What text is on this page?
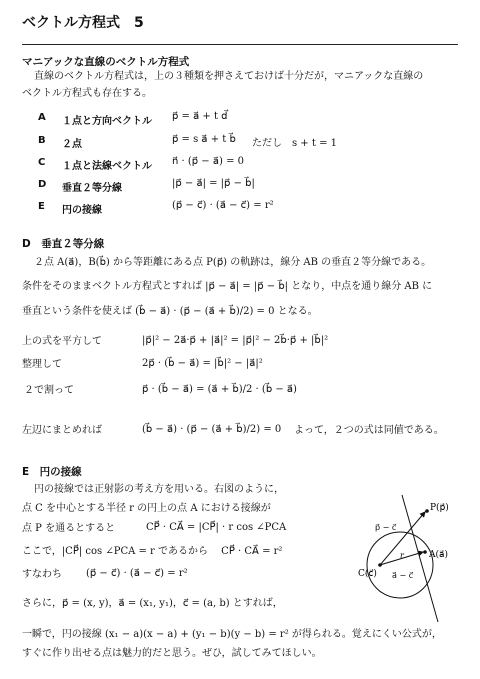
ベクトル方程式　5
マニアックな直線のベクトル方程式
直線のベクトル方程式は，上の３種類を押さえておけば十分だが，マニアックな直線の
ベクトル方程式も存在する。
A １点と方向ベクトル p⃗ = a⃗ + t d⃗
B ２点	p⃗ = s a⃗ + t b⃗ ただし　s + t = 1
C １点と法線ベクトル n⃗ · (p⃗ − a⃗) = 0
D 垂直２等分線	|p⃗ − a⃗| = |p⃗ − b⃗|
E 円の接線	(p⃗ − c⃗) · (a⃗ − c⃗) = r²
D　垂直２等分線
２点 A(a⃗)，B(b⃗) から等距離にある点 P(p⃗) の軌跡は，線分 AB の垂直２等分線である。
条件をそのままベクトル方程式とすれば |p⃗ − a⃗| = |p⃗ − b⃗| となり，中点を通り線分 AB に
垂直という条件を使えば (b⃗ − a⃗) · (p⃗ − (a⃗ + b⃗)/2) = 0 となる。
上の式を平方して	|p⃗|² − 2a⃗·p⃗ + |a⃗|² = |p⃗|² − 2b⃗·p⃗ + |b⃗|²
整理して	2p⃗ · (b⃗ − a⃗) = |b⃗|² − |a⃗|²
２で割って	p⃗ · (b⃗ − a⃗) = (a⃗ + b⃗)/2 · (b⃗ − a⃗)
左辺にまとめれば	(b⃗ − a⃗) · (p⃗ − (a⃗ + b⃗)/2) = 0 よって，２つの式は同値である。
E　円の接線
円の接線では正射影の考え方を用いる。右図のように，
点 C を中心とする半径 r の円上の点 A における接線が
点 P を通るとすると	CP⃗ · CA⃗ = |CP⃗| · r cos ∠PCA
ここで，|CP⃗| cos ∠PCA = r であるから　 CP⃗ · CA⃗ = r²
すなわち (p⃗ − c⃗) · (a⃗ − c⃗) = r²
さらに，p⃗ = (x, y)，a⃗ = (x₁, y₁)，c⃗ = (a, b) とすれば，
一瞬で，円の接線 (x₁ − a)(x − a) + (y₁ − b)(y − b) = r² が得られる。覚えにくい公式が，
すぐに作り出せる点は魅力的だと思う。ぜひ，試してみてほしい。
P(p⃗)
C(c⃗)
A(a⃗)
r
p⃗ − c⃗
a⃗ − c⃗
